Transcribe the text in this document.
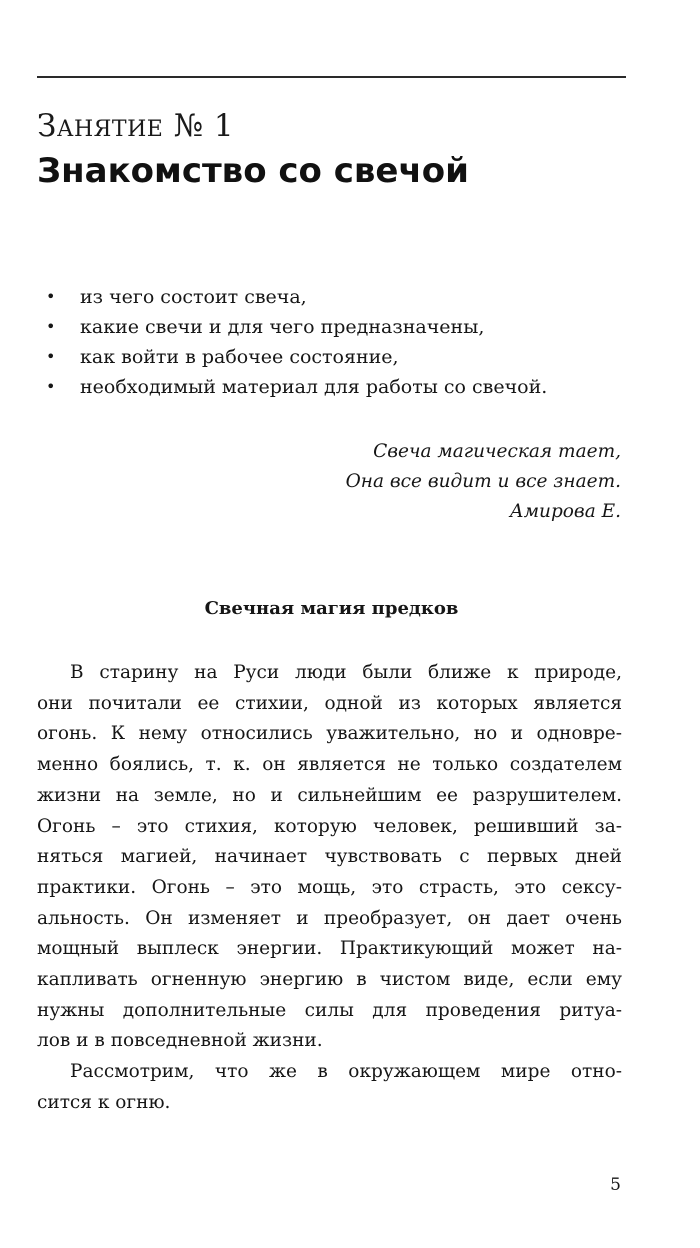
Занятие № 1
Знакомство со свечой
• из чего состоит свеча,
• какие свечи и для чего предназначены,
• как войти в рабочее состояние,
• необходимый материал для работы со свечой.
Свеча магическая тает,
Она все видит и все знает.
Амирова Е.
Свечная магия предков
В старину на Руси люди были ближе к природе,
они почитали ее стихии, одной из которых является
огонь. К нему относились уважительно, но и одновре-
менно боялись, т. к. он является не только создателем
жизни на земле, но и сильнейшим ее разрушителем.
Огонь – это стихия, которую человек, решивший за-
няться магией, начинает чувствовать с первых дней
практики. Огонь – это мощь, это страсть, это сексу-
альность. Он изменяет и преобразует, он дает очень
мощный выплеск энергии. Практикующий может на-
капливать огненную энергию в чистом виде, если ему
нужны дополнительные силы для проведения ритуа-
лов и в повседневной жизни.
Рассмотрим, что же в окружающем мире отно-
сится к огню.
5
